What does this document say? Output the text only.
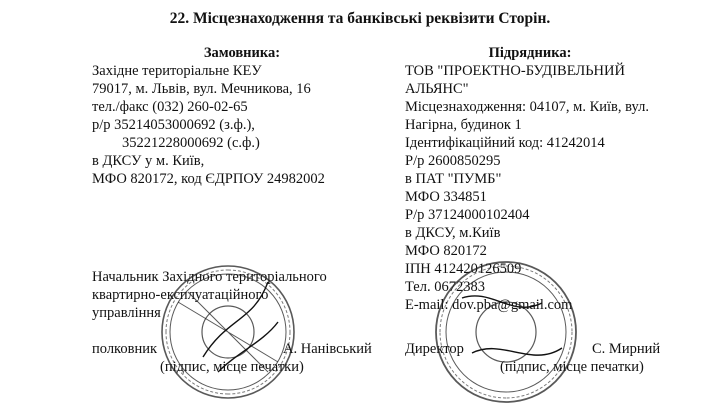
22. Місцезнаходження та банківські реквізити Сторін.
Замовника:
Західне територіальне КЕУ
79017, м. Львів, вул. Мечникова, 16
тел./факс (032) 260-02-65
р/р 35214053000692 (з.ф.),
35221228000692 (с.ф.)
в ДКСУ у м. Київ,
МФО 820172, код ЄДРПОУ 24982002
Начальник Західного територіального
квартирно-експлуатаційного
управління
полковник	А. Нанівський
(підпис, місце печатки)
Підрядника:
ТОВ "ПРОЕКТНО-БУДІВЕЛЬНИЙ
АЛЬЯНС"
Місцезнаходження: 04107, м. Київ, вул.
Нагірна, будинок 1
Ідентифікаційний код: 41242014
Р/р 2600850295
в ПАТ "ПУМБ"
МФО 334851
Р/р 37124000102404
в ДКСУ, м.Київ
МФО 820172
ІПН 412420126509
Тел. 0672383
E-mail: dov.pba@gmail.com
Директор	С. Мирний
(підпис, місце печатки)
